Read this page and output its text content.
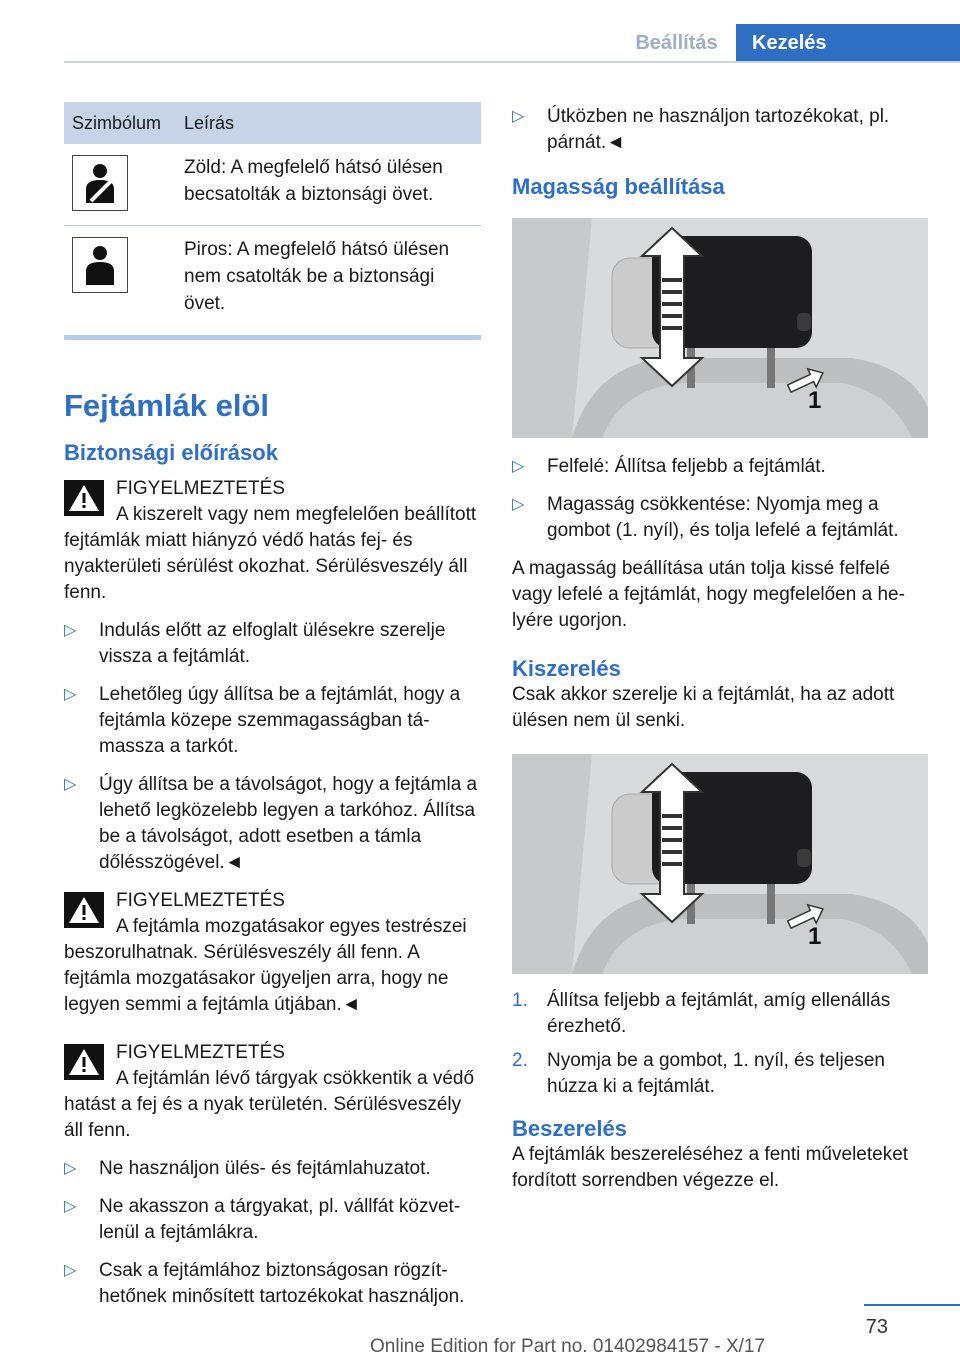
Beállítás	Kezelés
Szimbólum	Leírás

	Zöld: A megfelelő hátsó ülésen becsatolták a biztonsági övet.

	Piros: A megfelelő hátsó ülésen nem csatolták be a biztonsági övet.
Fejtámlák elöl
Biztonsági előírások
FIGYELMEZTETÉS
A kiszerelt vagy nem megfelelően beállított fejtámlák miatt hiányzó védő hatás fej- és nyakterületi sérülést okozhat. Sérülésveszély áll fenn.
▷ Indulás előtt az elfoglalt ülésekre szerelje vissza a fejtámlát.
▷ Lehetőleg úgy állítsa be a fejtámlát, hogy a fejtámla közepe szemmagasságban támassza a tarkót.
▷ Úgy állítsa be a távolságot, hogy a fejtámla a lehető legközelebb legyen a tarkóhoz. Állítsa be a távolságot, adott esetben a támla dőlésszögével.◄
FIGYELMEZTETÉS
A fejtámla mozgatásakor egyes testrészei beszorulhatnak. Sérülésveszély áll fenn. A fejtámla mozgatásakor ügyeljen arra, hogy ne legyen semmi a fejtámla útjában.◄
FIGYELMEZTETÉS
A fejtámlán lévő tárgyak csökkentik a védő hatást a fej és a nyak területén. Sérülésveszély áll fenn.
▷ Ne használjon ülés- és fejtámlahuzatot.
▷ Ne akasszon a tárgyakat, pl. vállfát közvetlenül a fejtámlákra.
▷ Csak a fejtámlához biztonságosan rögzíthetőnek minősített tartozékokat használjon.
▷ Útközben ne használjon tartozékokat, pl. párnát.◄
Magasság beállítása
1
▷ Felfelé: Állítsa feljebb a fejtámlát.
▷ Magasság csökkentése: Nyomja meg a gombot (1. nyíl), és tolja lefelé a fejtámlát.

A magasság beállítása után tolja kissé felfelé vagy lefelé a fejtámlát, hogy megfelelően a helyére ugorjon.

Kiszerelés

Csak akkor szerelje ki a fejtámlát, ha az adott ülésen nem ül senki.

1
1. Állítsa feljebb a fejtámlát, amíg ellenállás érezhető.
2. Nyomja be a gombot, 1. nyíl, és teljesen húzza ki a fejtámlát.
Beszerelés

A fejtámlák beszereléséhez a fenti műveleteket fordított sorrendben végezze el.

73
Online Edition for Part no. 01402984157 - X/17
